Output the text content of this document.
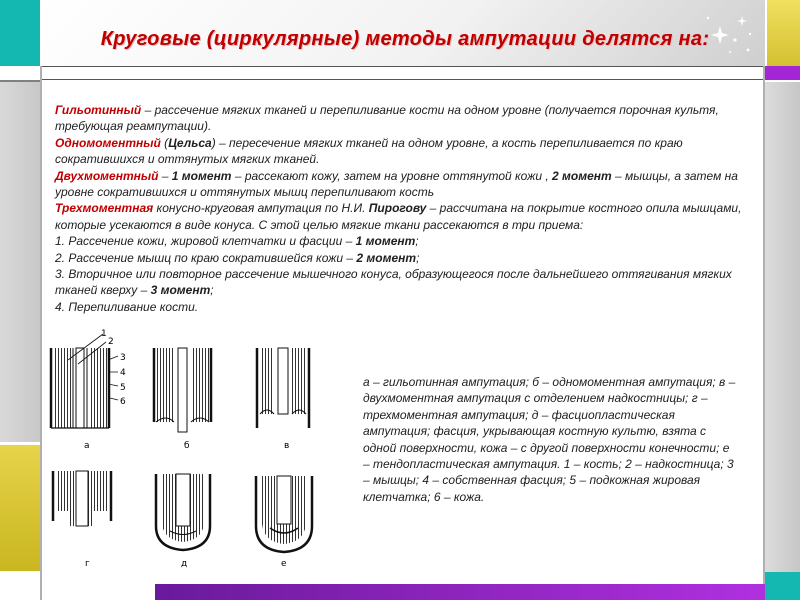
Круговые (циркулярные) методы ампутации делятся на:

Гильотинный – рассечение мягких тканей и перепиливание кости на одном уровне (получается порочная культя, требующая реампутации).

Одномоментный (Цельса) – пересечение мягких тканей на одном уровне, а кость перепиливается по краю сократившихся и оттянутых мягких тканей.

Двухмоментный – 1 момент – рассекают кожу, затем на уровне оттянутой кожи , 2 момент – мышцы, а затем на уровне сократившихся и оттянутых мышц перепиливают кость

Трехмоментная конусно-круговая ампутация по Н.И. Пирогову – рассчитана на покрытие костного опила мышцами, которые усекаются в виде конуса. С этой целью мягкие ткани рассекаются в три приема:

1. Рассечение кожи, жировой клетчатки и фасции – 1 момент;

2. Рассечение мышц по краю сократившейся кожи – 2 момент;

3. Вторичное или повторное рассечение мышечного конуса, образующегося после дальнейшего оттягивания мягких тканей кверху – 3 момент;

4. Перепиливание кости.

1
2
3
4
5
6
а	б	в
г	д	е
а – гильотинная ампутация; б – одномоментная ампутация; в – двухмоментная ампутация с отделением надкостницы; г – трехмоментная ампутация; д – фасциопластическая ампутация; фасция, укрывающая костную культю, взята с одной поверхности, кожа – с другой поверхности конечности; е – тендопластическая ампутация. 1 – кость; 2 – надкостница; 3 – мышцы; 4 – собственная фасция; 5 – подкожная жировая клетчатка; 6 – кожа.
